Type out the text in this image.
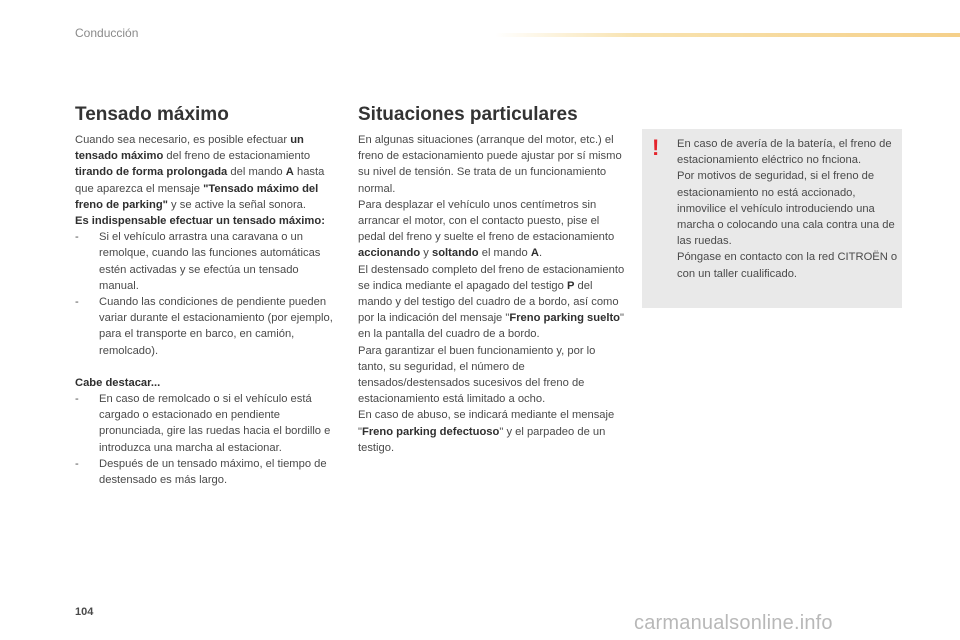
Conducción
Tensado máximo

Cuando sea necesario, es posible efectuar un tensado máximo del freno de estacionamiento tirando de forma prolongada del mando A hasta que aparezca el mensaje "Tensado máximo del freno de parking" y se active la señal sonora.

Es indispensable efectuar un tensado máximo:

-	Si el vehículo arrastra una caravana o un remolque, cuando las funciones automáticas estén activadas y se efectúa un tensado manual.
-	Cuando las condiciones de pendiente pueden variar durante el estacionamiento (por ejemplo, para el transporte en barco, en camión, remolcado).

Cabe destacar...

-	En caso de remolcado o si el vehículo está cargado o estacionado en pendiente pronunciada, gire las ruedas hacia el bordillo e introduzca una marcha al estacionar.
-	Después de un tensado máximo, el tiempo de destensado es más largo.
Situaciones particulares

En algunas situaciones (arranque del motor, etc.) el freno de estacionamiento puede ajustar por sí mismo su nivel de tensión. Se trata de un funcionamiento normal.

Para desplazar el vehículo unos centímetros sin arrancar el motor, con el contacto puesto, pise el pedal del freno y suelte el freno de estacionamiento accionando y soltando el mando A.

El destensado completo del freno de estacionamiento se indica mediante el apagado del testigo P del mando y del testigo del cuadro de a bordo, así como por la indicación del mensaje "Freno parking suelto" en la pantalla del cuadro de a bordo.

Para garantizar el buen funcionamiento y, por lo tanto, su seguridad, el número de tensados/destensados sucesivos del freno de estacionamiento está limitado a ocho.

En caso de abuso, se indicará mediante el mensaje "Freno parking defectuoso" y el parpadeo de un testigo.

! En caso de avería de la batería, el freno de estacionamiento eléctrico no fnciona.

Por motivos de seguridad, si el freno de estacionamiento no está accionado, inmovilice el vehículo introduciendo una marcha o colocando una cala contra una de las ruedas.

Póngase en contacto con la red CITROËN o con un taller cualificado.

104	carmanualsonline.info
